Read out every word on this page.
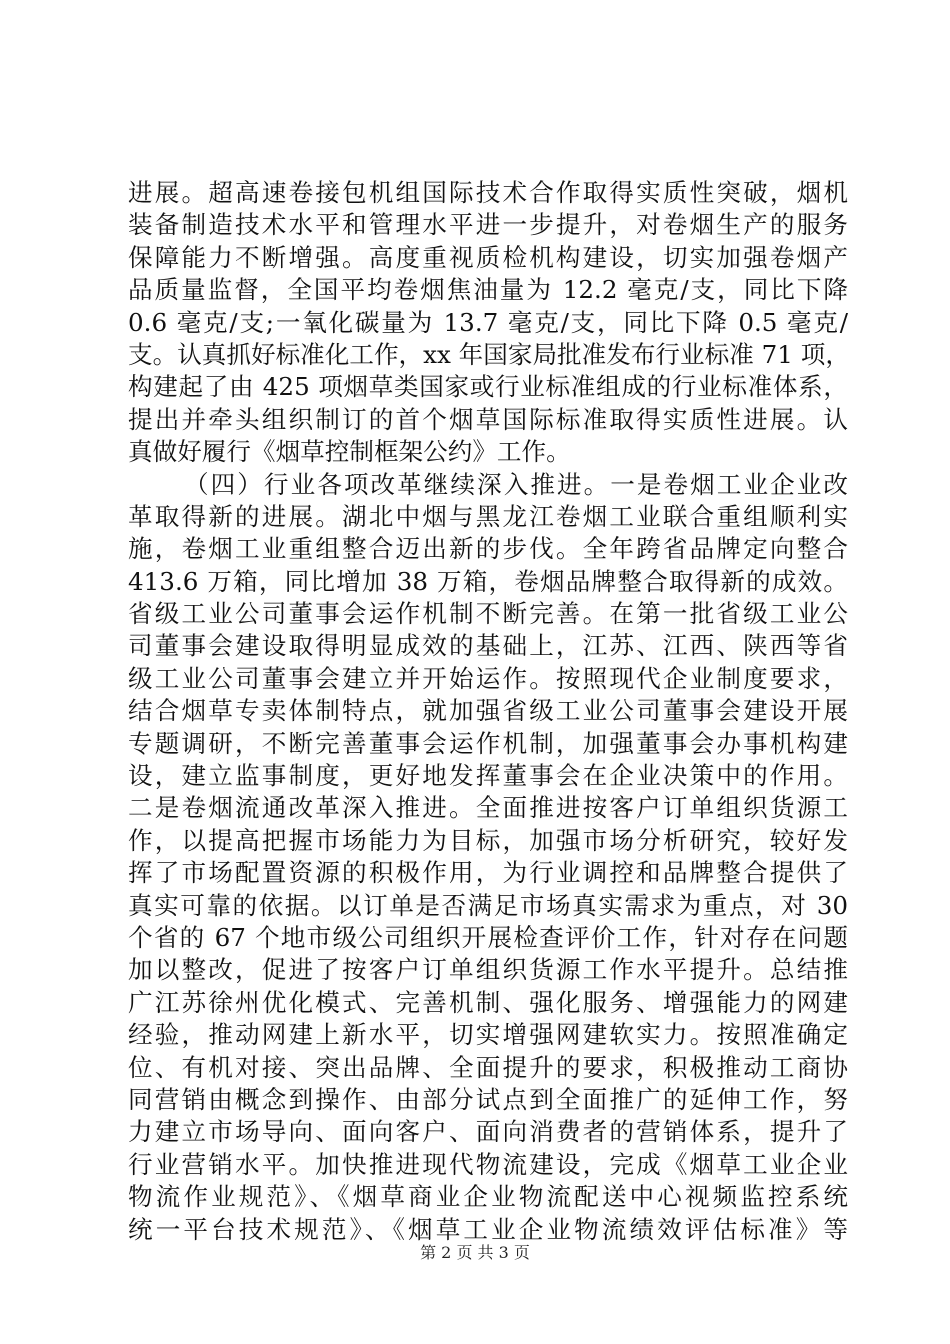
进展。超高速卷接包机组国际技术合作取得实质性突破，烟机
装备制造技术水平和管理水平进一步提升，对卷烟生产的服务
保障能力不断增强。高度重视质检机构建设，切实加强卷烟产
品质量监督，全国平均卷烟焦油量为 12.2 毫克/支，同比下降
0.6 毫克/支;一氧化碳量为 13.7 毫克/支，同比下降 0.5 毫克/
支。认真抓好标准化工作，xx 年国家局批准发布行业标准 71 项，
构建起了由 425 项烟草类国家或行业标准组成的行业标准体系，
提出并牵头组织制订的首个烟草国际标准取得实质性进展。认
真做好履行《烟草控制框架公约》工作。
（四）行业各项改革继续深入推进。一是卷烟工业企业改
革取得新的进展。湖北中烟与黑龙江卷烟工业联合重组顺利实
施，卷烟工业重组整合迈出新的步伐。全年跨省品牌定向整合
413.6 万箱，同比增加 38 万箱，卷烟品牌整合取得新的成效。
省级工业公司董事会运作机制不断完善。在第一批省级工业公
司董事会建设取得明显成效的基础上，江苏、江西、陕西等省
级工业公司董事会建立并开始运作。按照现代企业制度要求，
结合烟草专卖体制特点，就加强省级工业公司董事会建设开展
专题调研，不断完善董事会运作机制，加强董事会办事机构建
设，建立监事制度，更好地发挥董事会在企业决策中的作用。
二是卷烟流通改革深入推进。全面推进按客户订单组织货源工
作，以提高把握市场能力为目标，加强市场分析研究，较好发
挥了市场配置资源的积极作用，为行业调控和品牌整合提供了
真实可靠的依据。以订单是否满足市场真实需求为重点，对 30
个省的 67 个地市级公司组织开展检查评价工作，针对存在问题
加以整改，促进了按客户订单组织货源工作水平提升。总结推
广江苏徐州优化模式、完善机制、强化服务、增强能力的网建
经验，推动网建上新水平，切实增强网建软实力。按照准确定
位、有机对接、突出品牌、全面提升的要求，积极推动工商协
同营销由概念到操作、由部分试点到全面推广的延伸工作，努
力建立市场导向、面向客户、面向消费者的营销体系，提升了
行业营销水平。加快推进现代物流建设，完成《烟草工业企业
物流作业规范》、《烟草商业企业物流配送中心视频监控系统
统一平台技术规范》、《烟草工业企业物流绩效评估标准》等
第 2 页 共 3 页
